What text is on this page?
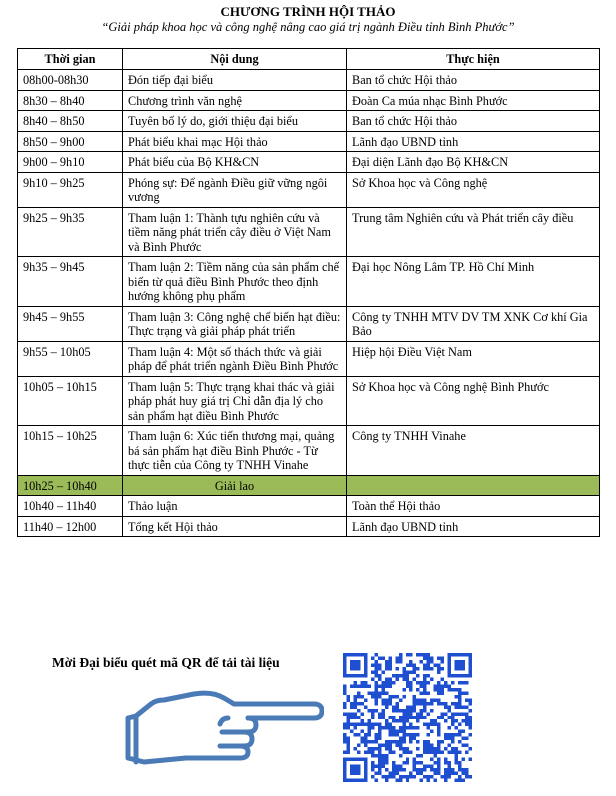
CHƯƠNG TRÌNH HỘI THẢO
“Giải pháp khoa học và công nghệ nâng cao giá trị ngành Điều tỉnh Bình Phước”
Thời gian	Nội dung	Thực hiện
08h00-08h30	Đón tiếp đại biểu	Ban tổ chức Hội thảo
8h30 – 8h40	Chương trình văn nghệ	Đoàn Ca múa nhạc Bình Phước
8h40 – 8h50	Tuyên bố lý do, giới thiệu đại biểu	Ban tổ chức Hội thảo
8h50 – 9h00	Phát biểu khai mạc Hội thảo	Lãnh đạo UBND tỉnh
9h00 – 9h10	Phát biểu của Bộ KH&CN	Đại diện Lãnh đạo Bộ KH&CN
9h10 – 9h25	Phóng sự: Để ngành Điều giữ vững ngôi vương	Sở Khoa học và Công nghệ
9h25 – 9h35	Tham luận 1: Thành tựu nghiên cứu và tiềm năng phát triển cây điều ở Việt Nam và Bình Phước	Trung tâm Nghiên cứu và Phát triển cây điều
9h35 – 9h45	Tham luận 2: Tiềm năng của sản phẩm chế biến từ quả điều Bình Phước theo định hướng không phụ phẩm	Đại học Nông Lâm TP. Hồ Chí Minh
9h45 – 9h55	Tham luận 3: Công nghệ chế biến hạt điều: Thực trạng và giải pháp phát triển	Công ty TNHH MTV DV TM XNK Cơ khí Gia Bảo
9h55 – 10h05	Tham luận 4: Một số thách thức và giải pháp để phát triển ngành Điều Bình Phước	Hiệp hội Điều Việt Nam
10h05 – 10h15	Tham luận 5: Thực trạng khai thác và giải pháp phát huy giá trị Chỉ dẫn địa lý cho sản phẩm hạt điều Bình Phước	Sở Khoa học và Công nghệ Bình Phước
10h15 – 10h25	Tham luận 6: Xúc tiến thương mại, quảng bá sản phẩm hạt điều Bình Phước - Từ thực tiễn của Công ty TNHH Vinahe	Công ty TNHH Vinahe
10h25 – 10h40	Giải lao	
10h40 – 11h40	Thảo luận	Toàn thể Hội thảo
11h40 – 12h00	Tổng kết Hội thảo	Lãnh đạo UBND tỉnh
Mời Đại biểu quét mã QR để tải tài liệu
